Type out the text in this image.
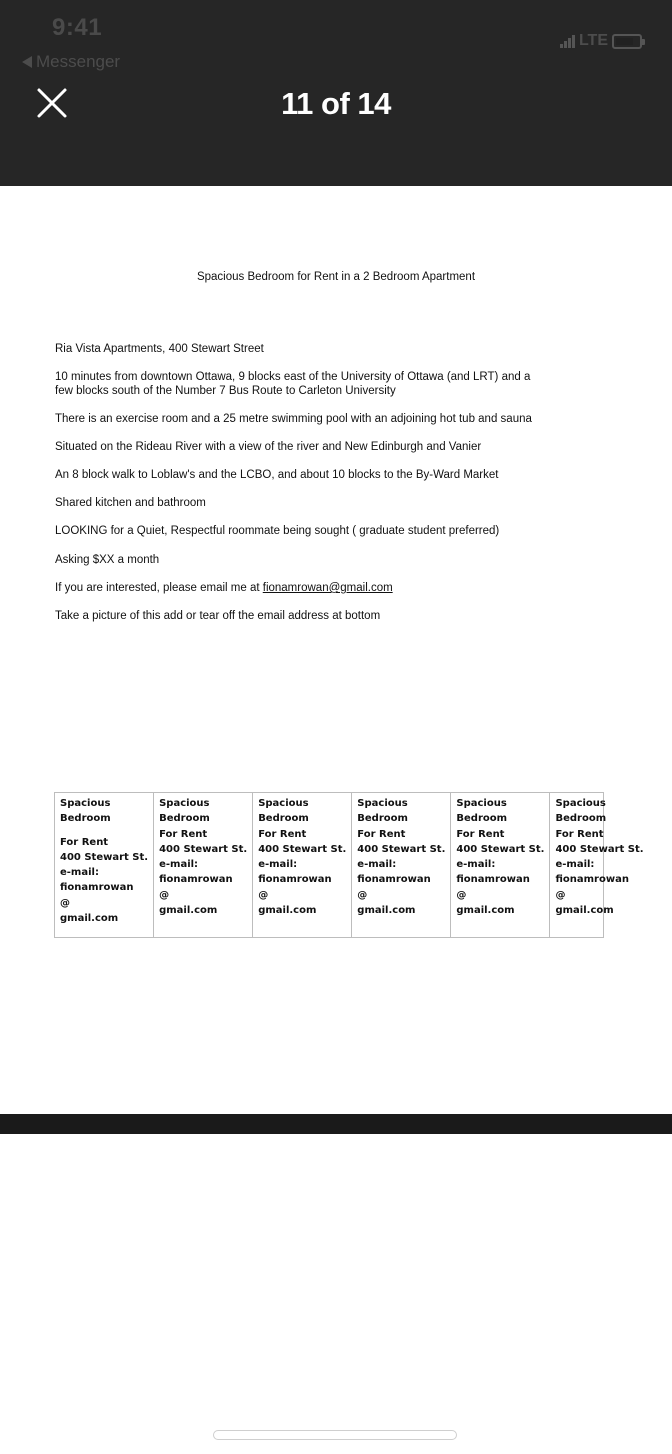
9:41
Messenger
LTE
11 of 14
Spacious Bedroom for Rent in a 2 Bedroom Apartment
Ria Vista Apartments, 400 Stewart Street
10 minutes from downtown Ottawa, 9 blocks east of the University of Ottawa (and LRT) and a
few blocks south of the Number 7 Bus Route to Carleton University
There is an exercise room and a 25 metre swimming pool with an adjoining hot tub and sauna
Situated on the Rideau River with a view of the river and New Edinburgh and Vanier
An 8 block walk to Loblaw's and the LCBO, and about 10 blocks to the By-Ward Market
Shared kitchen and bathroom
LOOKING for a Quiet, Respectful roommate being sought ( graduate student preferred)
Asking $XX a month
If you are interested, please email me at fionamrowan@gmail.com
Take a picture of this add or tear off the email address at bottom
Spacious
Bedroom
For Rent
400 Stewart St.
e-mail:
fionamrowan
@
gmail.com
Spacious
Bedroom
For Rent
400 Stewart St.
e-mail:
fionamrowan
@
gmail.com
Spacious
Bedroom
For Rent
400 Stewart St.
e-mail:
fionamrowan
@
gmail.com
Spacious
Bedroom
For Rent
400 Stewart St.
e-mail:
fionamrowan
@
gmail.com
Spacious
Bedroom
For Rent
400 Stewart St.
e-mail:
fionamrowan
@
gmail.com
Spacious
Bedroom
For Rent
400 Stewart St.
e-mail:
fionamrowan
@
gmail.com
